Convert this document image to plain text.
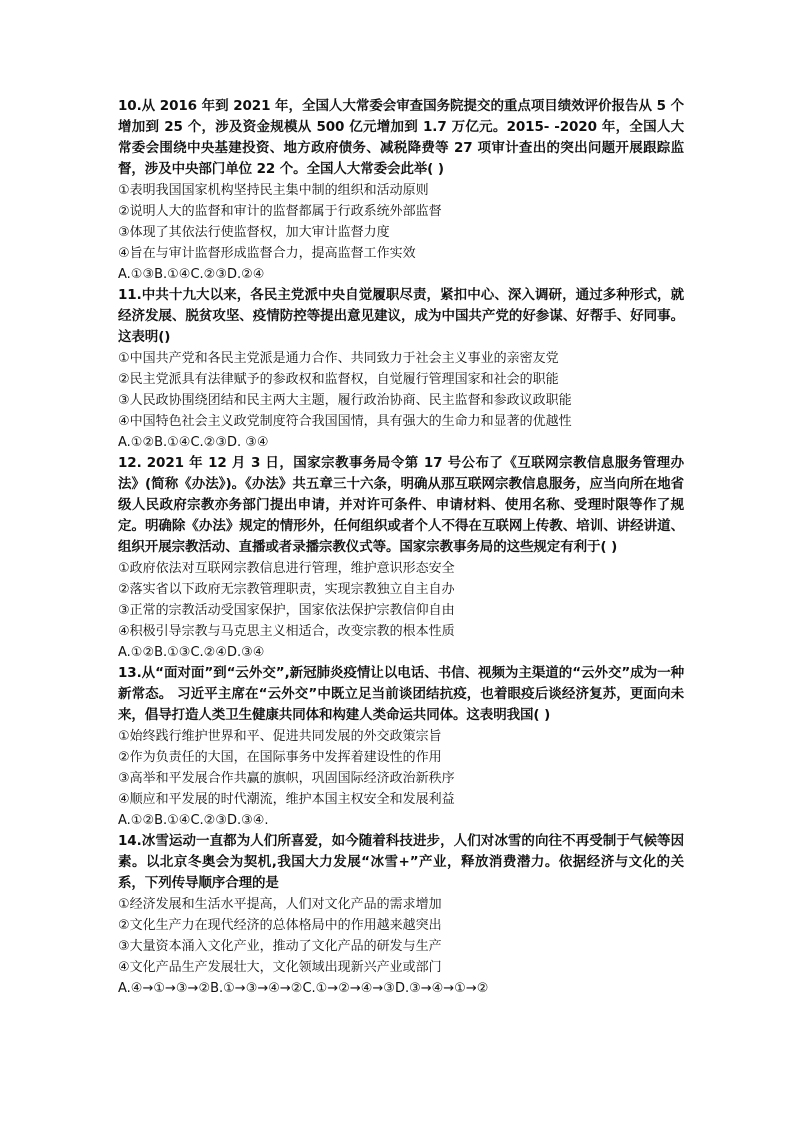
10.从 2016 年到 2021 年，全国人大常委会审查国务院提交的重点项目绩效评价报告从 5 个增加到 25 个，涉及资金规模从 500 亿元增加到 1.7 万亿元。2015- -2020 年，全国人大常委会围绕中央基建投资、地方政府债务、减税降费等 27 项审计查出的突出问题开展跟踪监督，涉及中央部门单位 22 个。全国人大常委会此举( )

①表明我国国家机构坚持民主集中制的组织和活动原则

②说明人大的监督和审计的监督都属于行政系统外部监督

③体现了其依法行使监督权，加大审计监督力度

④旨在与审计监督形成监督合力，提高监督工作实效

A.①③B.①④C.②③D.②④

11.中共十九大以来，各民主党派中央自觉履职尽责，紧扣中心、深入调研，通过多种形式，就经济发展、脱贫攻坚、疫情防控等提出意见建议，成为中国共产党的好参谋、好帮手、好同事。这表明()

①中国共产党和各民主党派是通力合作、共同致力于社会主义事业的亲密友党

②民主党派具有法律赋予的参政权和监督权，自觉履行管理国家和社会的职能

③人民政协围绕团结和民主两大主题，履行政治协商、民主监督和参政议政职能

④中国特色社会主义政党制度符合我国国情，具有强大的生命力和显著的优越性

A.①②B.①④C.②③D. ③④

12. 2021 年 12 月 3 日，国家宗教事务局令第 17 号公布了《互联网宗教信息服务管理办法》(简称《办法》)。《办法》共五章三十六条，明确从那互联网宗教信息服务，应当向所在地省级人民政府宗教亦务部门提出申请，并对许可条件、申请材料、使用名称、受理时限等作了规定。明确除《办法》规定的情形外，任何组织或者个人不得在互联网上传教、培训、讲经讲道、组织开展宗教活动、直播或者录播宗教仪式等。国家宗教事务局的这些规定有利于( )

①政府依法对互联网宗教信息进行管理，维护意识形态安全

②落实省以下政府无宗教管理职责，实现宗教独立自主自办

③正常的宗教活动受国家保护，国家依法保护宗教信仰自由

④积极引导宗教与马克思主义相适合，改变宗教的根本性质

A.①②B.①③C.②④D.③④

13.从“面对面”到“云外交”,新冠肺炎疫情让以电话、书信、视频为主渠道的“云外交”成为一种新常态。 习近平主席在“云外交”中既立足当前谈团结抗疫，也着眼疫后谈经济复苏，更面向未来，倡导打造人类卫生健康共同体和构建人类命运共同体。这表明我国( )

①始终践行维护世界和平、促进共同发展的外交政策宗旨

②作为负责任的大国，在国际事务中发挥着建设性的作用

③高举和平发展合作共赢的旗帜，巩固国际经济政治新秩序

④顺应和平发展的时代潮流，维护本国主权安全和发展利益

A.①②B.①④C.②③D.③④.

14.冰雪运动一直都为人们所喜爱，如今随着科技进步，人们对冰雪的向往不再受制于气候等因素。以北京冬奥会为契机,我国大力发展“冰雪+”产业，释放消费潜力。依据经济与文化的关系，下列传导顺序合理的是

①经济发展和生活水平提高，人们对文化产品的需求增加

②文化生产力在现代经济的总体格局中的作用越来越突出

③大量资本涌入文化产业，推动了文化产品的研发与生产

④文化产品生产发展壮大，文化领域出现新兴产业或部门

A.④→①→③→②B.①→③→④→②C.①→②→④→③D.③→④→①→②
